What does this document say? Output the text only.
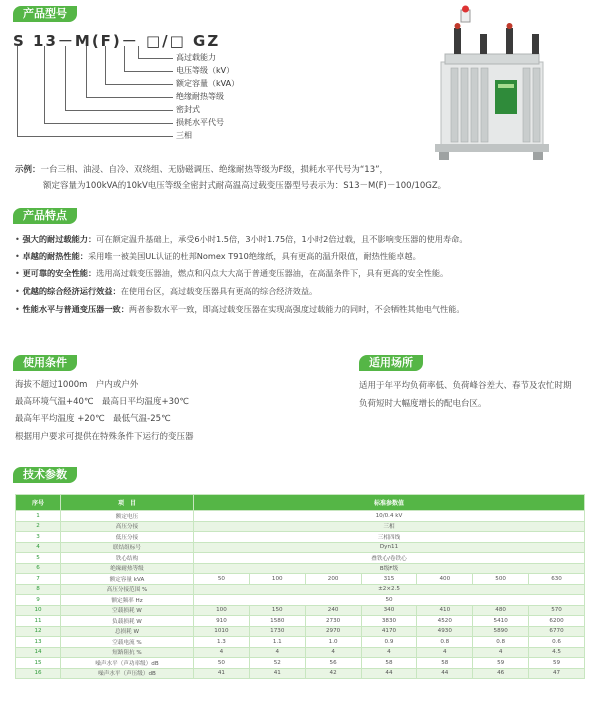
产品型号
S 13－M(F)－ □/□ GZ
高过载能力
电压等级（kV）
额定容量（kVA）
绝缘耐热等级
密封式
损耗水平代号
三相
示例：一台三相、油浸、自冷、双绕组、无励磁调压、绝缘耐热等级为F级，损耗水平代号为“13”，
额定容量为100kVA的10kV电压等级全密封式耐高温高过载变压器型号表示为：S13－M(F)－100/10GZ。
产品特点
• 强大的耐过载能力：可在额定温升基础上，承受6小时1.5倍，3小时1.75倍，1小时2倍过载，且不影响变压器的使用寿命。
• 卓越的耐热性能：采用唯一被美国UL认证的杜邦Nomex T910绝缘纸，具有更高的温升限值，耐热性能卓越。
• 更可靠的安全性能：选用高过载变压器油，燃点和闪点大大高于普通变压器油，在高温条件下，具有更高的安全性能。
• 优越的综合经济运行效益：在使用台区，高过载变压器具有更高的综合经济效益。
• 性能水平与普通变压器一致：两者参数水平一致，即高过载变压器在实现高强度过载能力的同时，不会牺牲其他电气性能。
使用条件
海拔不超过1000m　户内或户外
最高环境气温+40℃　最高日平均温度+30℃
最高年平均温度 +20℃　最低气温-25℃
根据用户要求可提供在特殊条件下运行的变压器
适用场所
适用于年平均负荷率低、负荷峰谷差大、春节及农忙时期
负荷短时大幅度增长的配电台区。
技术参数
序号	项　目	标准参数值						
1	额定电压	10/0.4 kV						
2	高压分接	三相						
3	低压分接	三相四线						
4	联结组标号	Dyn11						
5	铁心结构	叠铁心/卷铁心						
6	绝缘耐热等级	B级F级						
7	额定容量 kVA	50	100	200	315	400	500	630
8	高压分接范围 %	±2×2.5						
9	额定频率 Hz	50						
10	空载损耗 W	100	150	240	340	410	480	570
11	负载损耗 W	910	1580	2730	3830	4520	5410	6200
12	总损耗 W	1010	1730	2970	4170	4930	5890	6770
13	空载电流 %	1.3	1.1	1.0	0.9	0.8	0.8	0.6
14	短路阻抗 %	4	4	4	4	4	4	4.5
15	噪声水平（声功率级）dB	50	52	56	58	58	59	59
16	噪声水平（声压级）dB	41	41	42	44	44	46	47
